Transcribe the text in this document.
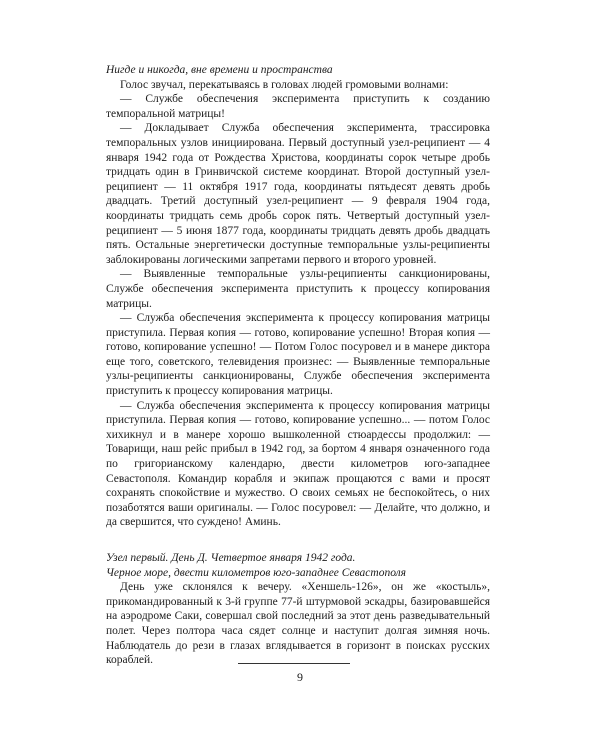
Нигде и никогда, вне времени и пространства

Голос звучал, перекатываясь в головах людей громовыми волнами:

— Службе обеспечения эксперимента приступить к созданию темпоральной матрицы!

— Докладывает Служба обеспечения эксперимента, трассировка темпоральных узлов инициирована. Первый доступный узел-реципиент — 4 января 1942 года от Рождества Христова, координаты сорок четыре дробь тридцать один в Гринвичской системе координат. Второй доступный узел-реципиент — 11 октября 1917 года, координаты пятьдесят девять дробь двадцать. Третий доступный узел-реципиент — 9 февраля 1904 года, координаты тридцать семь дробь сорок пять. Четвертый доступный узел-реципиент — 5 июня 1877 года, координаты тридцать девять дробь двадцать пять. Остальные энергетически доступные темпоральные узлы-реципиенты заблокированы логическими запретами первого и второго уровней.

— Выявленные темпоральные узлы-реципиенты санкционированы, Службе обеспечения эксперимента приступить к процессу копирования матрицы.

— Служба обеспечения эксперимента к процессу копирования матрицы приступила. Первая копия — готово, копирование успешно! Вторая копия — готово, копирование успешно! — Потом Голос посуровел и в манере диктора еще того, советского, телевидения произнес: — Выявленные темпоральные узлы-реципиенты санкционированы, Службе обеспечения эксперимента приступить к процессу копирования матрицы.

— Служба обеспечения эксперимента к процессу копирования матрицы приступила. Первая копия — готово, копирование успешно... — потом Голос хихикнул и в манере хорошо вышколенной стюардессы продолжил: — Товарищи, наш рейс прибыл в 1942 год, за бортом 4 января означенного года по григорианскому календарю, двести километров юго-западнее Севастополя. Командир корабля и экипаж прощаются с вами и просят сохранять спокойствие и мужество. О своих семьях не беспокойтесь, о них позаботятся ваши оригиналы. — Голос посуровел: — Делайте, что должно, и да свершится, что суждено! Аминь.

Узел первый. День Д. Четвертое января 1942 года.

Черное море, двести километров юго-западнее Севастополя

День уже склонялся к вечеру. «Хеншель-126», он же «костыль», прикомандированный к 3-й группе 77-й штурмовой эскадры, базировавшейся на аэродроме Саки, совершал свой последний за этот день разведывательный полет. Через полтора часа сядет солнце и наступит долгая зимняя ночь. Наблюдатель до рези в глазах вглядывается в горизонт в поисках русских кораблей.

9
